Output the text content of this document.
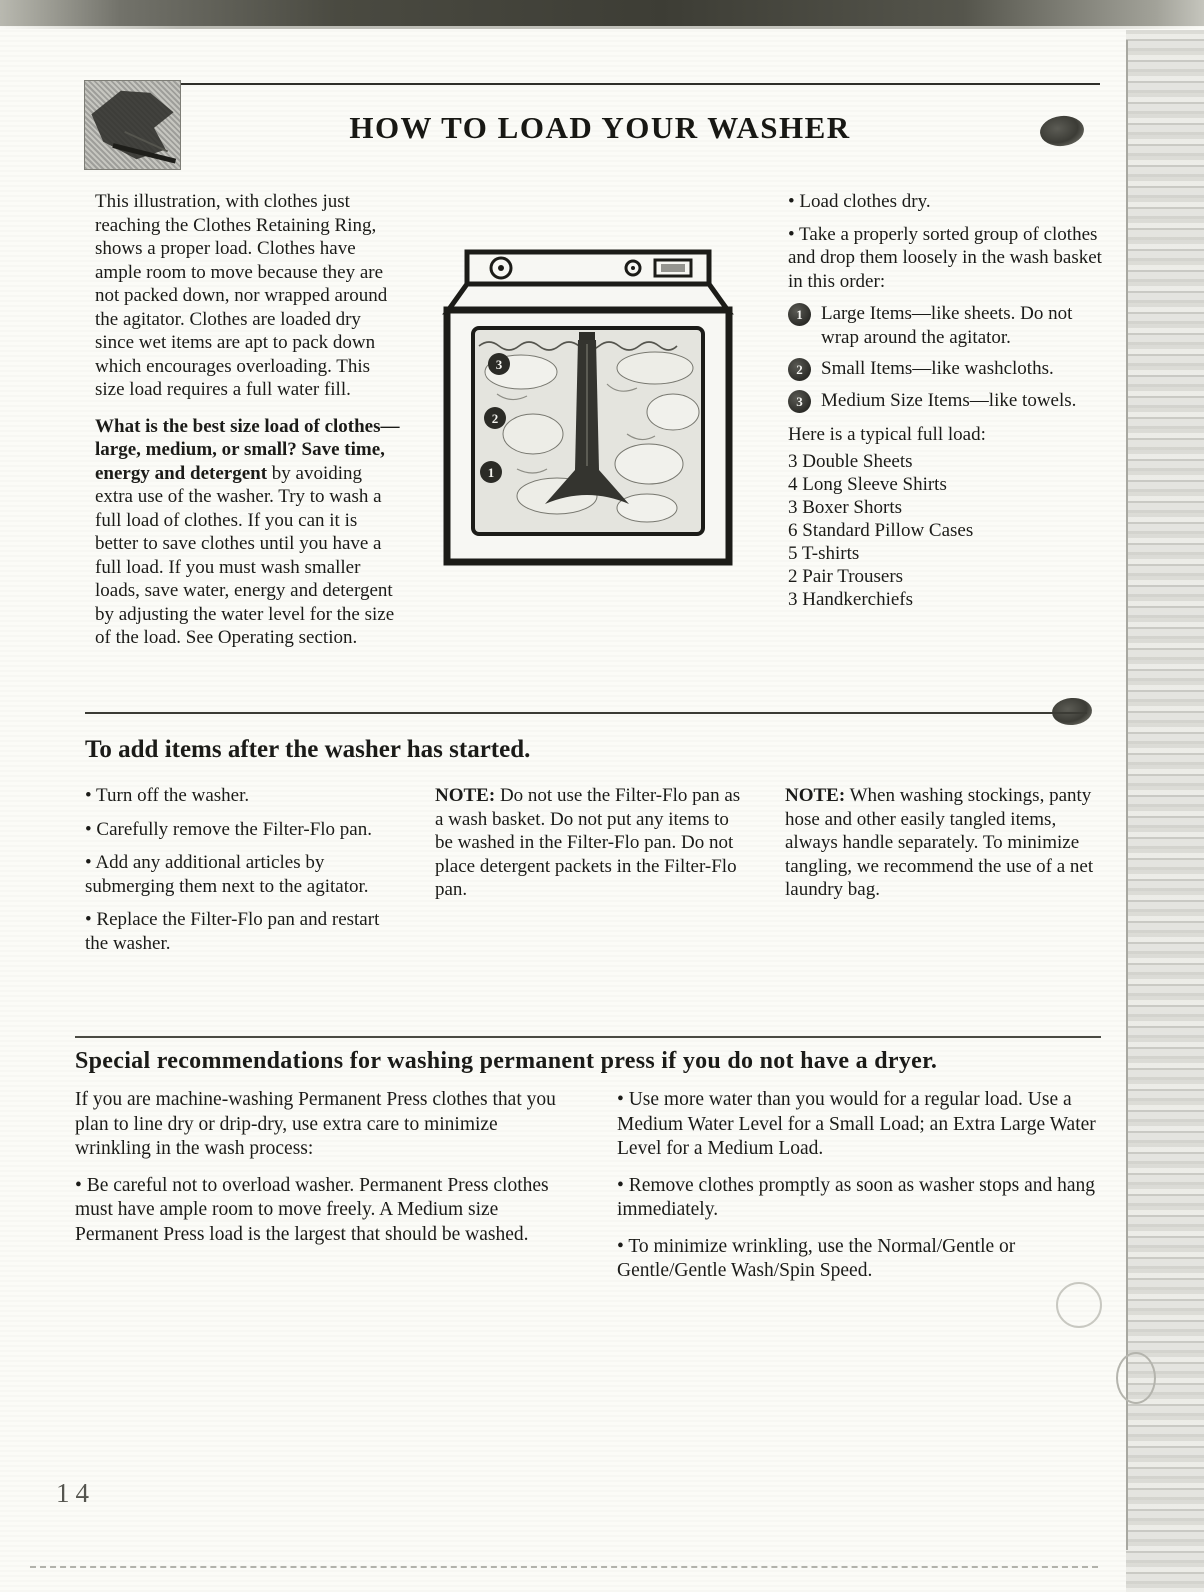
HOW TO LOAD YOUR WASHER

This illustration, with clothes just reaching the Clothes Retaining Ring, shows a proper load. Clothes have ample room to move because they are not packed down, nor wrapped around the agitator. Clothes are loaded dry since wet items are apt to pack down which encourages overloading. This size load requires a full water fill.

What is the best size load of clothes—large, medium, or small? Save time, energy and detergent by avoiding extra use of the washer. Try to wash a full load of clothes. If you can it is better to save clothes until you have a full load. If you must wash smaller loads, save water, energy and detergent by adjusting the water level for the size of the load. See Operating section.

3
2
1

• Load clothes dry.

• Take a properly sorted group of clothes and drop them loosely in the wash basket in this order:

1 Large Items—like sheets. Do not wrap around the agitator.
2 Small Items—like washcloths.
3 Medium Size Items—like towels.

Here is a typical full load:

3 Double Sheets
4 Long Sleeve Shirts
3 Boxer Shorts
6 Standard Pillow Cases
5 T-shirts
2 Pair Trousers
3 Handkerchiefs
To add items after the washer has started.

• Turn off the washer.

• Carefully remove the Filter-Flo pan.

• Add any additional articles by submerging them next to the agitator.

• Replace the Filter-Flo pan and restart the washer.

NOTE: Do not use the Filter-Flo pan as a wash basket. Do not put any items to be washed in the Filter-Flo pan. Do not place detergent packets in the Filter-Flo pan.

NOTE: When washing stockings, panty hose and other easily tangled items, always handle separately. To minimize tangling, we recommend the use of a net laundry bag.

Special recommendations for washing permanent press if you do not have a dryer.

If you are machine-washing Permanent Press clothes that you plan to line dry or drip-dry, use extra care to minimize wrinkling in the wash process:

• Be careful not to overload washer. Permanent Press clothes must have ample room to move freely. A Medium size Permanent Press load is the largest that should be washed.

• Use more water than you would for a regular load. Use a Medium Water Level for a Small Load; an Extra Large Water Level for a Medium Load.

• Remove clothes promptly as soon as washer stops and hang immediately.

• To minimize wrinkling, use the Normal/Gentle or Gentle/Gentle Wash/Spin Speed.

14
